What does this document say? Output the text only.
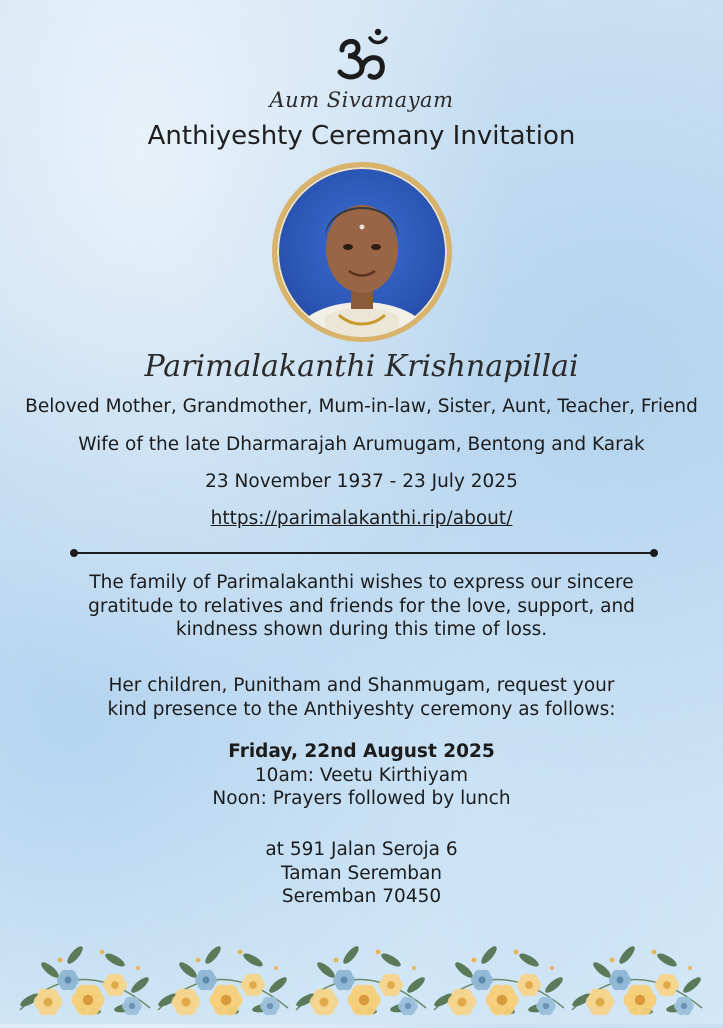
Aum Sivamayam
Anthiyeshty Ceremany Invitation
Parimalakanthi Krishnapillai
Beloved Mother, Grandmother, Mum-in-law, Sister, Aunt, Teacher, Friend
Wife of the late Dharmarajah Arumugam, Bentong and Karak
23 November 1937 - 23 July 2025
https://parimalakanthi.rip/about/
The family of Parimalakanthi wishes to express our sincere
gratitude to relatives and friends for the love, support, and
kindness shown during this time of loss.
Her children, Punitham and Shanmugam, request your
kind presence to the Anthiyeshty ceremony as follows:
Friday, 22nd August 2025
10am: Veetu Kirthiyam
Noon: Prayers followed by lunch
at 591 Jalan Seroja 6
Taman Seremban
Seremban 70450
